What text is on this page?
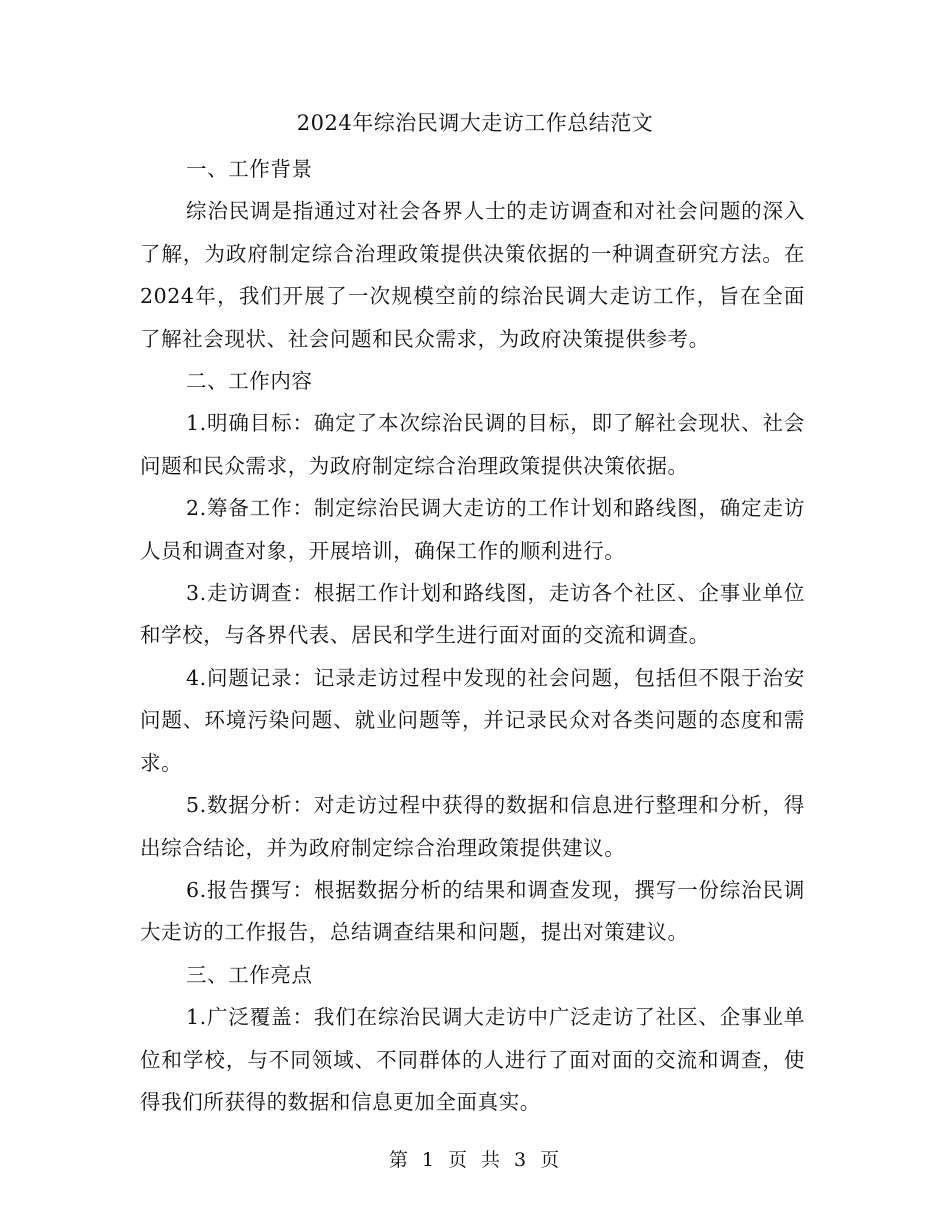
2024年综治民调大走访工作总结范文

一、工作背景

综治民调是指通过对社会各界人士的走访调查和对社会问题的深入了解，为政府制定综合治理政策提供决策依据的一种调查研究方法。在2024年，我们开展了一次规模空前的综治民调大走访工作，旨在全面了解社会现状、社会问题和民众需求，为政府决策提供参考。

二、工作内容

1.明确目标：确定了本次综治民调的目标，即了解社会现状、社会问题和民众需求，为政府制定综合治理政策提供决策依据。

2.筹备工作：制定综治民调大走访的工作计划和路线图，确定走访人员和调查对象，开展培训，确保工作的顺利进行。

3.走访调查：根据工作计划和路线图，走访各个社区、企事业单位和学校，与各界代表、居民和学生进行面对面的交流和调查。

4.问题记录：记录走访过程中发现的社会问题，包括但不限于治安问题、环境污染问题、就业问题等，并记录民众对各类问题的态度和需求。

5.数据分析：对走访过程中获得的数据和信息进行整理和分析，得出综合结论，并为政府制定综合治理政策提供建议。

6.报告撰写：根据数据分析的结果和调查发现，撰写一份综治民调大走访的工作报告，总结调查结果和问题，提出对策建议。

三、工作亮点

1.广泛覆盖：我们在综治民调大走访中广泛走访了社区、企事业单位和学校，与不同领域、不同群体的人进行了面对面的交流和调查，使得我们所获得的数据和信息更加全面真实。

第 1 页 共 3 页
